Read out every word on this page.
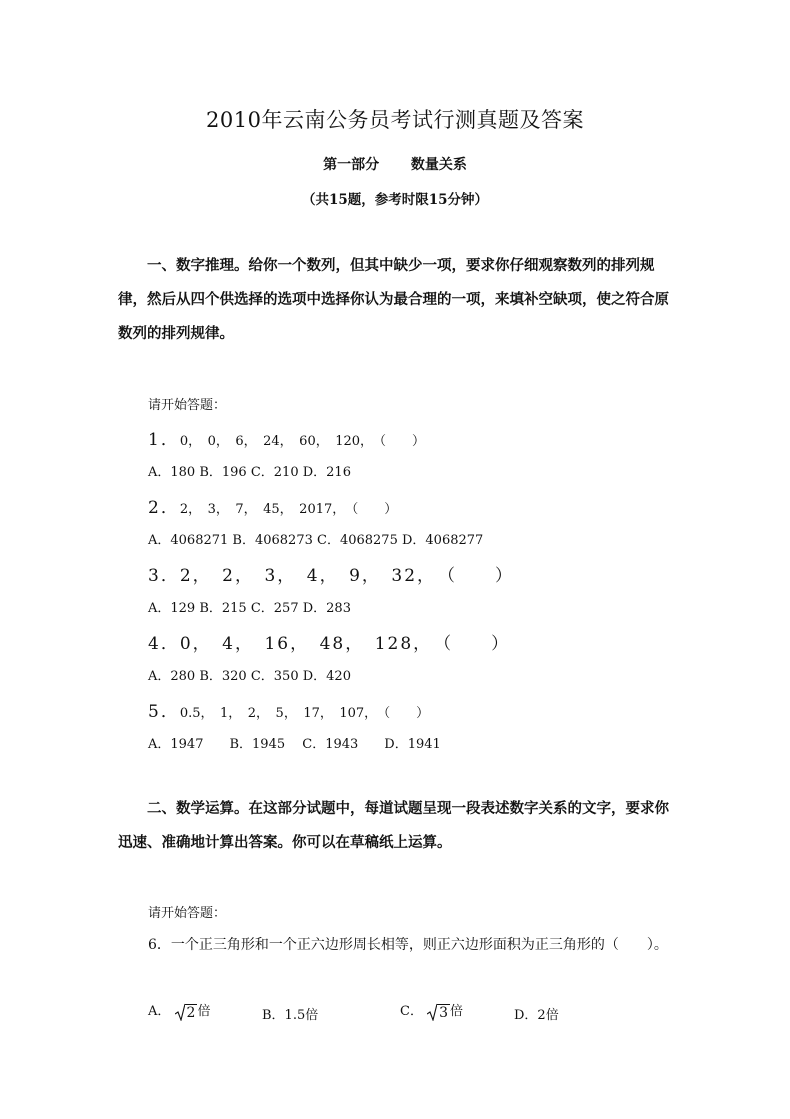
2010年云南公务员考试行测真题及答案
第一部分 数量关系
（共15题，参考时限15分钟）
一、数字推理。给你一个数列，但其中缺少一项，要求你仔细观察数列的排列规律，然后从四个供选择的选项中选择你认为最合理的一项，来填补空缺项，使之符合原数列的排列规律。
请开始答题：
1．0，　0，　6，　24，　60，　120，　（　　）
A．180 B．196 C．210 D．216
2．2，　3，　7，　45，　2017，　（　　）
A．4068271 B．4068273 C．4068275 D．4068277
3．2，　2，　3，　4，　9，　32，　（　　）
A．129 B．215 C．257 D．283
4．0，　4，　16，　48，　128，　（　　）
A．280 B．320 C．350 D．420
5．0.5，　1，　2，　5，　17，　107，　（　　）
A．1947　　B．1945　 C．1943　　D．1941
二、数学运算。在这部分试题中，每道试题呈现一段表述数字关系的文字，要求你迅速、准确地计算出答案。你可以在草稿纸上运算。
请开始答题：
6．一个正三角形和一个正六边形周长相等，则正六边形面积为正三角形的（　　）。
A． 2 倍	B．1.5倍	C． 3 倍	D．2倍
